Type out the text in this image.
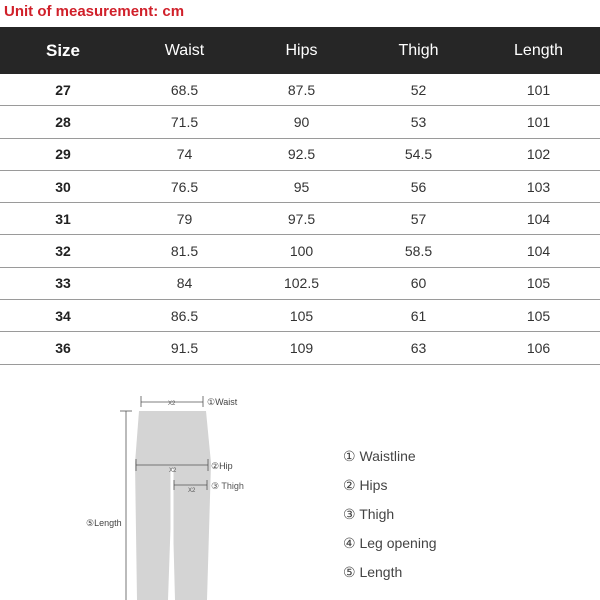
Unit of measurement: cm
Size	Waist	Hips	Thigh	Length
27	68.5	87.5	52	101
28	71.5	90	53	101
29	74	92.5	54.5	102
30	76.5	95	56	103
31	79	97.5	57	104
32	81.5	100	58.5	104
33	84	102.5	60	105
34	86.5	105	61	105
36	91.5	109	63	106
X2	①Waist
X2	②Hip
X2 ③ Thigh
⑤Length
① Waistline
② Hips
③ Thigh
④ Leg opening
⑤ Length
